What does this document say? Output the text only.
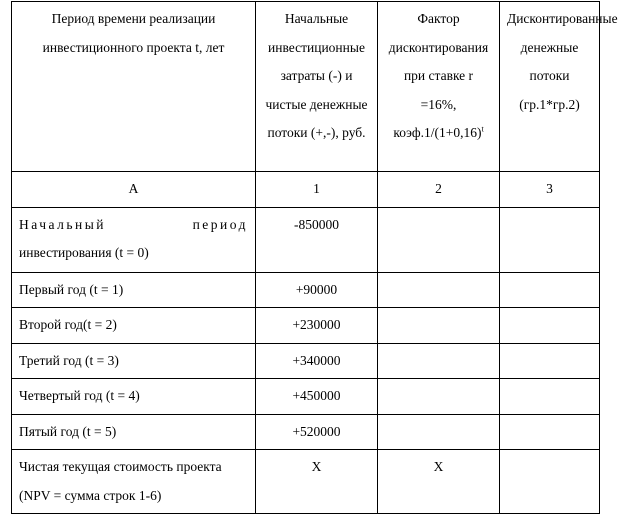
Период времени реализации инвестиционного проекта t, лет	Начальные инвестиционные затраты (-) и чистые денежные потоки (+,-), руб.	Фактор дисконтирования при ставке r =16%, $коэф.1/(1+0,16)^t$	Дисконтированные денежные потоки (гр.1*гр.2)
А	1	2	3

Начальный период
инвестирования (t = 0)	-850000		
Первый год (t = 1)	+90000		
Второй год(t = 2)	+230000		
Третий год (t = 3)	+340000		
Четвертый год (t = 4)	+450000		
Пятый год (t = 5)	+520000		

Чистая текущая стоимость проекта
(NPV = сумма строк 1-6)	X	X	
